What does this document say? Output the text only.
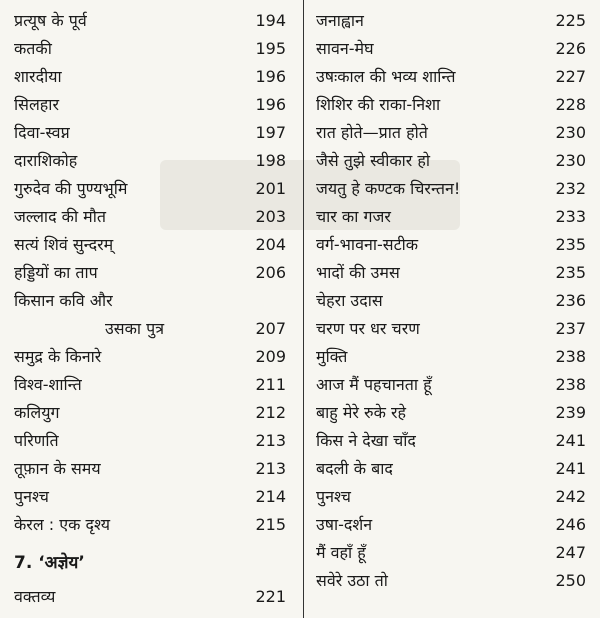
प्रत्यूष के पूर्व	194
कतकी	195
शारदीया	196
सिलहार	196
दिवा-स्वप्न	197
दाराशिकोह	198
गुरुदेव की पुण्यभूमि	201
जल्लाद की मौत	203
सत्यं शिवं सुन्दरम्	204
हड्डियों का ताप	206
किसान कवि और
उसका पुत्र	207
समुद्र के किनारे	209
विश्व-शान्ति	211
कलियुग	212
परिणति	213
तूफ़ान के समय	213
पुनश्च	214
केरल : एक दृश्य	215
7. ‘अज्ञेय’
वक्तव्य	221
जनाह्वान	225
सावन-मेघ	226
उषःकाल की भव्य शान्ति	227
शिशिर की राका-निशा	228
रात होते—प्रात होते	230
जैसे तुझे स्वीकार हो	230
जयतु हे कण्टक चिरन्तन!	232
चार का गजर	233
वर्ग-भावना-सटीक	235
भादों की उमस	235
चेहरा उदास	236
चरण पर धर चरण	237
मुक्ति	238
आज मैं पहचानता हूँ	238
बाहु मेरे रुके रहे	239
किस ने देखा चाँद	241
बदली के बाद	241
पुनश्च	242
उषा-दर्शन	246
मैं वहाँ हूँ	247
सवेरे उठा तो	250
